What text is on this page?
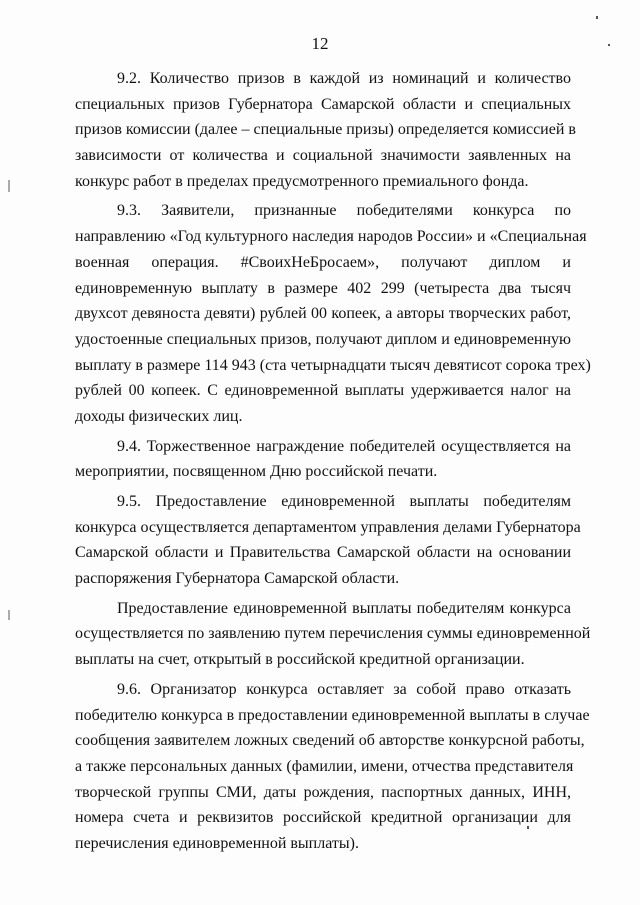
12
9.2. Количество призов в каждой из номинаций и количество
специальных призов Губернатора Самарской области и специальных
призов комиссии (далее – специальные призы) определяется комиссией в
зависимости от количества и социальной значимости заявленных на
конкурс работ в пределах предусмотренного премиального фонда.
9.3. Заявители, признанные победителями конкурса по
направлению «Год культурного наследия народов России» и «Специальная
военная операция. #СвоихНеБросаем», получают диплом и
единовременную выплату в размере 402 299 (четыреста два тысяч
двухсот девяноста девяти) рублей 00 копеек, а авторы творческих работ,
удостоенные специальных призов, получают диплом и единовременную
выплату в размере 114 943 (ста четырнадцати тысяч девятисот сорока трех)
рублей 00 копеек. С единовременной выплаты удерживается налог на
доходы физических лиц.
9.4. Торжественное награждение победителей осуществляется на
мероприятии, посвященном Дню российской печати.
9.5. Предоставление единовременной выплаты победителям
конкурса осуществляется департаментом управления делами Губернатора
Самарской области и Правительства Самарской области на основании
распоряжения Губернатора Самарской области.
Предоставление единовременной выплаты победителям конкурса
осуществляется по заявлению путем перечисления суммы единовременной
выплаты на счет, открытый в российской кредитной организации.
9.6. Организатор конкурса оставляет за собой право отказать
победителю конкурса в предоставлении единовременной выплаты в случае
сообщения заявителем ложных сведений об авторстве конкурсной работы,
а также персональных данных (фамилии, имени, отчества представителя
творческой группы СМИ, даты рождения, паспортных данных, ИНН,
номера счета и реквизитов российской кредитной организации для
перечисления единовременной выплаты).
